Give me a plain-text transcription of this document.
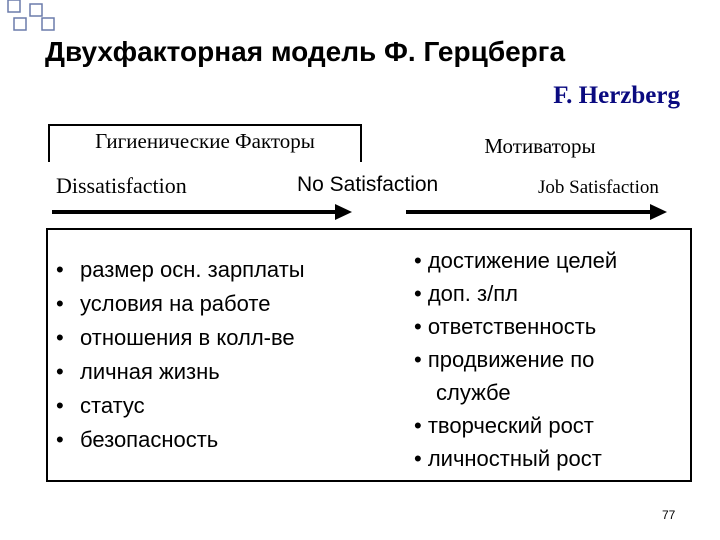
Двухфакторная модель Ф. Герцберга
F. Herzberg
Гигиенические Факторы	Мотиваторы
Dissatisfaction	No Satisfaction	Job Satisfaction
• размер осн. зарплаты
• условия на работе
• отношения в колл-ве
• личная жизнь
• статус
• безопасность
• достижение целей
• доп. з/пл
• ответственность
• продвижение по
службе
• творческий рост
• личностный рост
77
